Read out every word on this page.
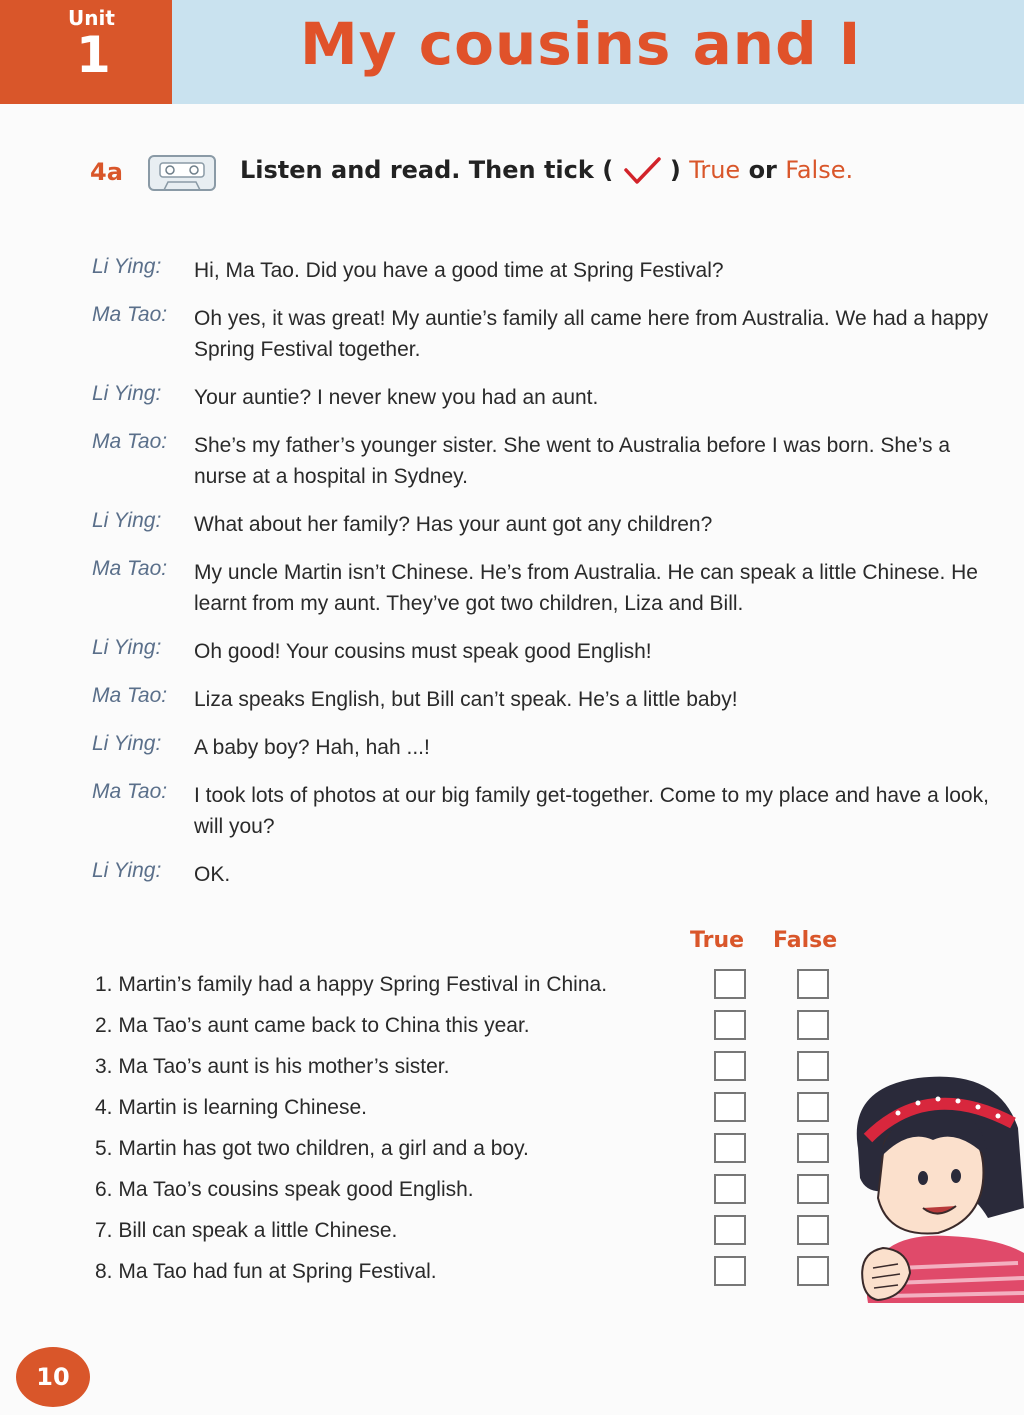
Unit
1	My cousins and I
4a	Listen and read. Then tick ( ) True or False.
Li Ying: Hi, Ma Tao. Did you have a good time at Spring Festival?
Ma Tao: Oh yes, it was great! My auntie’s family all came here from Australia. We had a happy Spring Festival together.
Li Ying: Your auntie? I never knew you had an aunt.
Ma Tao: She’s my father’s younger sister. She went to Australia before I was born. She’s a nurse at a hospital in Sydney.
Li Ying: What about her family? Has your aunt got any children?
Ma Tao: My uncle Martin isn’t Chinese. He’s from Australia. He can speak a little Chinese. He learnt from my aunt. They’ve got two children, Liza and Bill.
Li Ying: Oh good! Your cousins must speak good English!
Ma Tao: Liza speaks English, but Bill can’t speak. He’s a little baby!
Li Ying: A baby boy? Hah, hah ...!
Ma Tao: I took lots of photos at our big family get-together. Come to my place and have a look, will you?
Li Ying: OK.
True False
1. Martin’s family had a happy Spring Festival in China.
2. Ma Tao’s aunt came back to China this year.
3. Ma Tao’s aunt is his mother’s sister.
4. Martin is learning Chinese.
5. Martin has got two children, a girl and a boy.
6. Ma Tao’s cousins speak good English.
7. Bill can speak a little Chinese.
8. Ma Tao had fun at Spring Festival.
10
